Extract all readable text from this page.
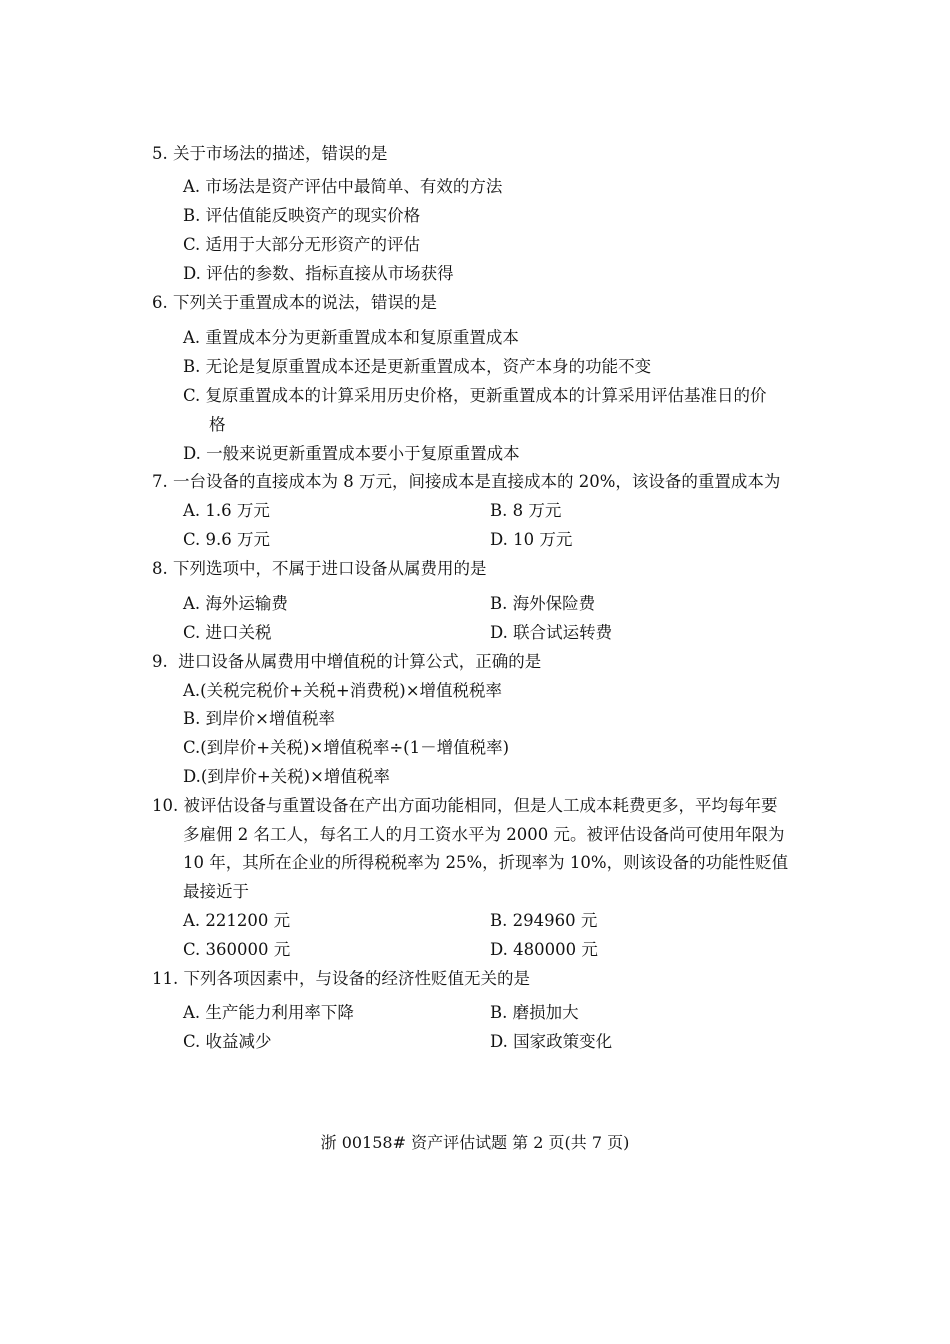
5. 关于市场法的描述，错误的是
A. 市场法是资产评估中最简单、有效的方法
B. 评估值能反映资产的现实价格
C. 适用于大部分无形资产的评估
D. 评估的参数、指标直接从市场获得
6. 下列关于重置成本的说法，错误的是
A. 重置成本分为更新重置成本和复原重置成本
B. 无论是复原重置成本还是更新重置成本，资产本身的功能不变
C. 复原重置成本的计算采用历史价格，更新重置成本的计算采用评估基准日的价
格
D. 一般来说更新重置成本要小于复原重置成本
7. 一台设备的直接成本为 8 万元，间接成本是直接成本的 20%，该设备的重置成本为
A. 1.6 万元	B. 8 万元
C. 9.6 万元	D. 10 万元
8. 下列选项中，不属于进口设备从属费用的是
A. 海外运输费	B. 海外保险费
C. 进口关税	D. 联合试运转费
9. 进口设备从属费用中增值税的计算公式，正确的是
A.(关税完税价+关税+消费税)×增值税税率
B. 到岸价×增值税率
C.(到岸价+关税)×增值税率÷(1－增值税率)
D.(到岸价+关税)×增值税率
10. 被评估设备与重置设备在产出方面功能相同，但是人工成本耗费更多，平均每年要
多雇佣 2 名工人，每名工人的月工资水平为 2000 元。被评估设备尚可使用年限为
10 年，其所在企业的所得税税率为 25%，折现率为 10%，则该设备的功能性贬值
最接近于
A. 221200 元	B. 294960 元
C. 360000 元	D. 480000 元
11. 下列各项因素中，与设备的经济性贬值无关的是
A. 生产能力利用率下降	B. 磨损加大
C. 收益减少	D. 国家政策变化
浙 00158# 资产评估试题 第 2 页(共 7 页)
